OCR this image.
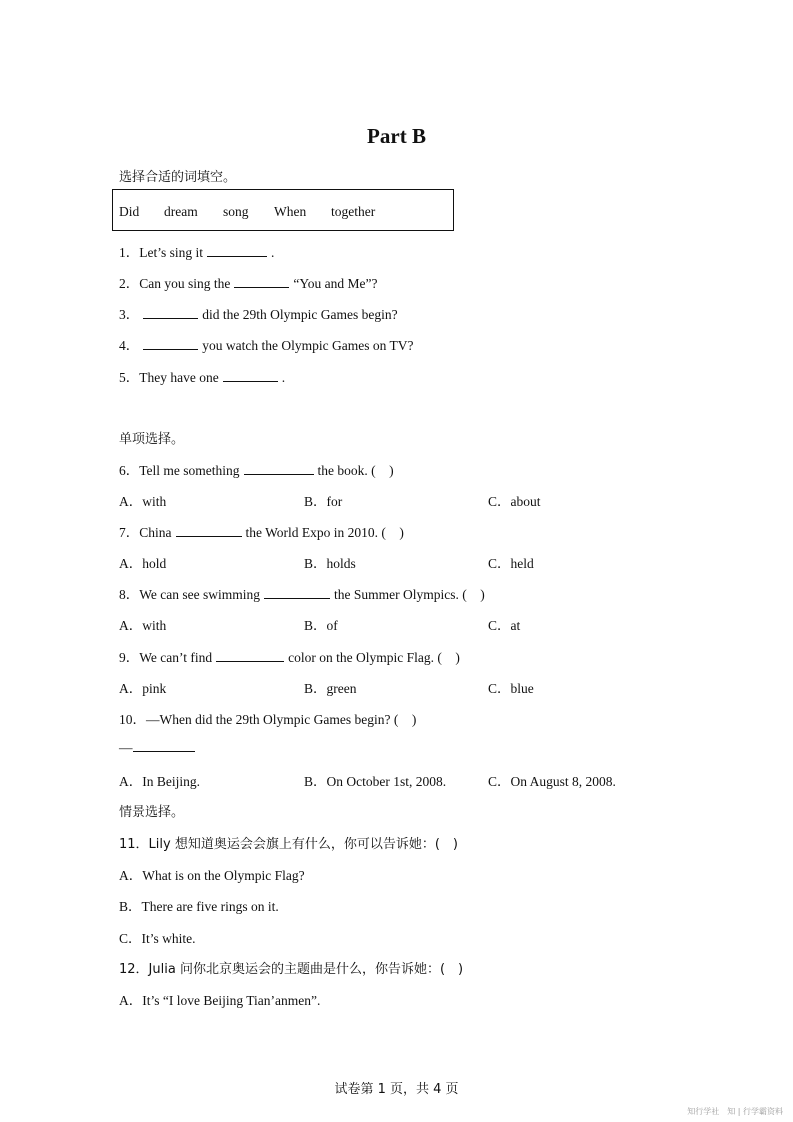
Part B
选择合适的词填空。
Did dream song When together
1．Let’s sing it	.
2．Can you sing the	“You and Me”?
3．	did the 29th Olympic Games begin?
4．	you watch the Olympic Games on TV?
5．They have one	.
单项选择。
6．Tell me something	the book. (　)
A．with	B．for	C．about
7．China	the World Expo in 2010. (　)
A．hold	B．holds	C．held
8．We can see swimming	the Summer Olympics. (　)
A．with	B．of	C．at
9．We can’t find	color on the Olympic Flag. (　)
A．pink	B．green	C．blue
10．—When did the 29th Olympic Games begin? (　)
—
A．In Beijing.	B．On October 1st, 2008.	C．On August 8, 2008.
情景选择。
11．Lily 想知道奥运会会旗上有什么，你可以告诉她：(　)
A．What is on the Olympic Flag?
B．There are five rings on it.
C．It’s white.
12．Julia 问你北京奥运会的主题曲是什么，你告诉她：(　)
A．It’s “I love Beijing Tian’anmen”.
试卷第 1 页，共 4 页
知行学社　知 | 行学霸资料
